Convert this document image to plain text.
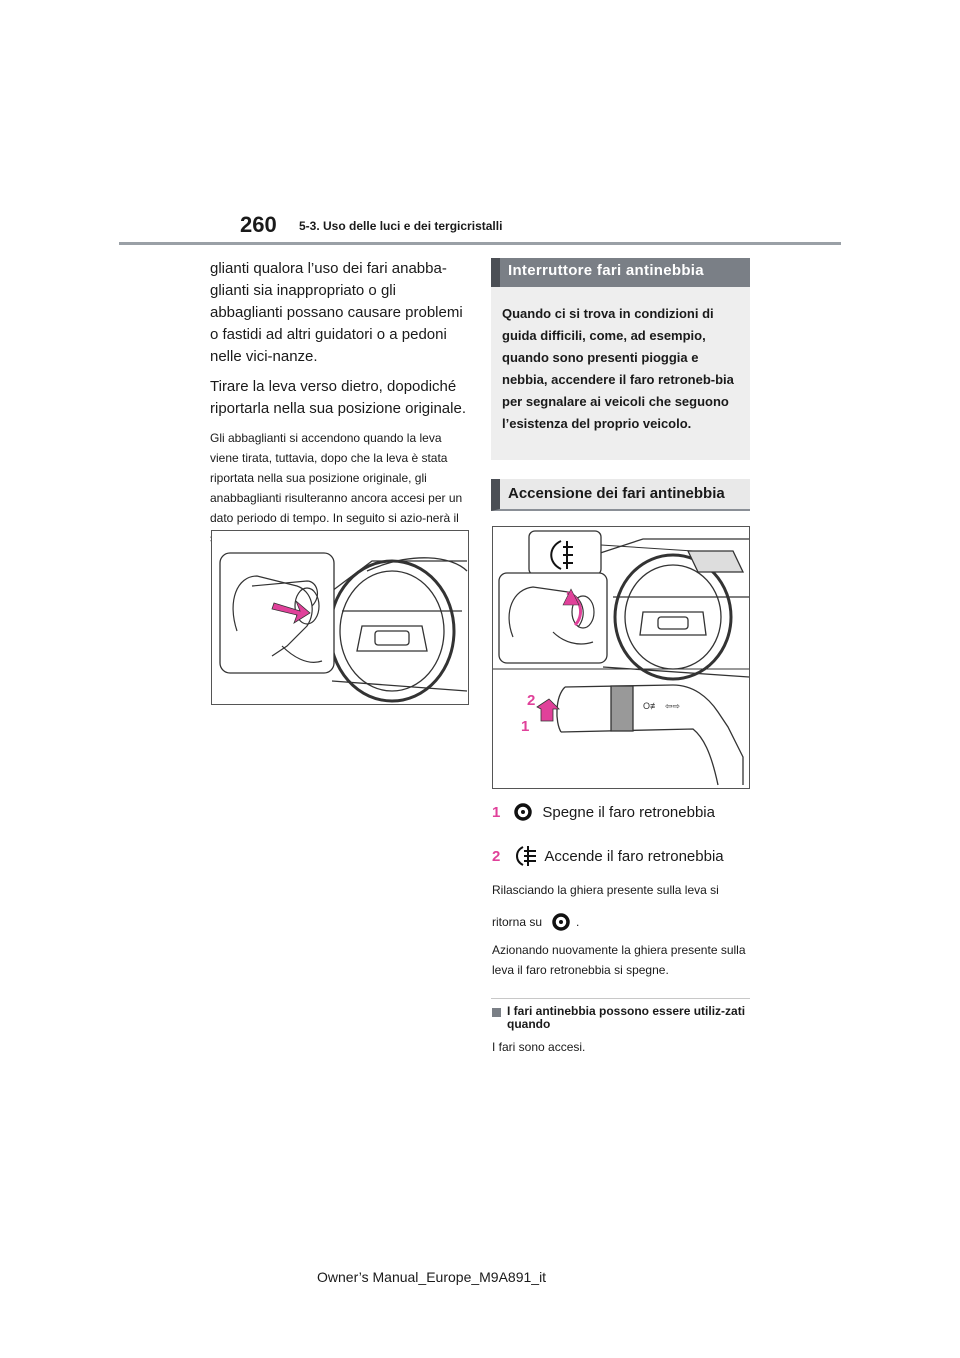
260 5-3. Uso delle luci e dei tergicristalli

glianti qualora l’uso dei fari anabba-glianti sia inappropriato o gli abbaglianti possano causare problemi o fastidi ad altri guidatori o a pedoni nelle vici-nanze.

Tirare la leva verso dietro, dopodiché riportarla nella sua posizione originale.

Gli abbaglianti si accendono quando la leva viene tirata, tuttavia, dopo che la leva è stata riportata nella sua posizione originale, gli anabbaglianti risulteranno ancora accesi per un dato periodo di tempo. In seguito si azio-nerà il

Interruttore fari antinebbia

Quando ci si trova in condizioni di guida difficili, come, ad esempio, quando sono presenti pioggia e nebbia, accendere il faro retroneb-bia per segnalare ai veicoli che seguono l’esistenza del proprio veicolo.

Accensione dei fari antinebbia
O≢ ⇦⇨
2
1
1	Spegne il faro retronebbia
2	Accende il faro retronebbia

Rilasciando la ghiera presente sulla leva si

ritorna su	.

Azionando nuovamente la ghiera presente sulla leva il faro retronebbia si spegne.

I fari antinebbia possono essere utiliz-zati quando

I fari sono accesi.

Owner’s Manual_Europe_M9A891_it
